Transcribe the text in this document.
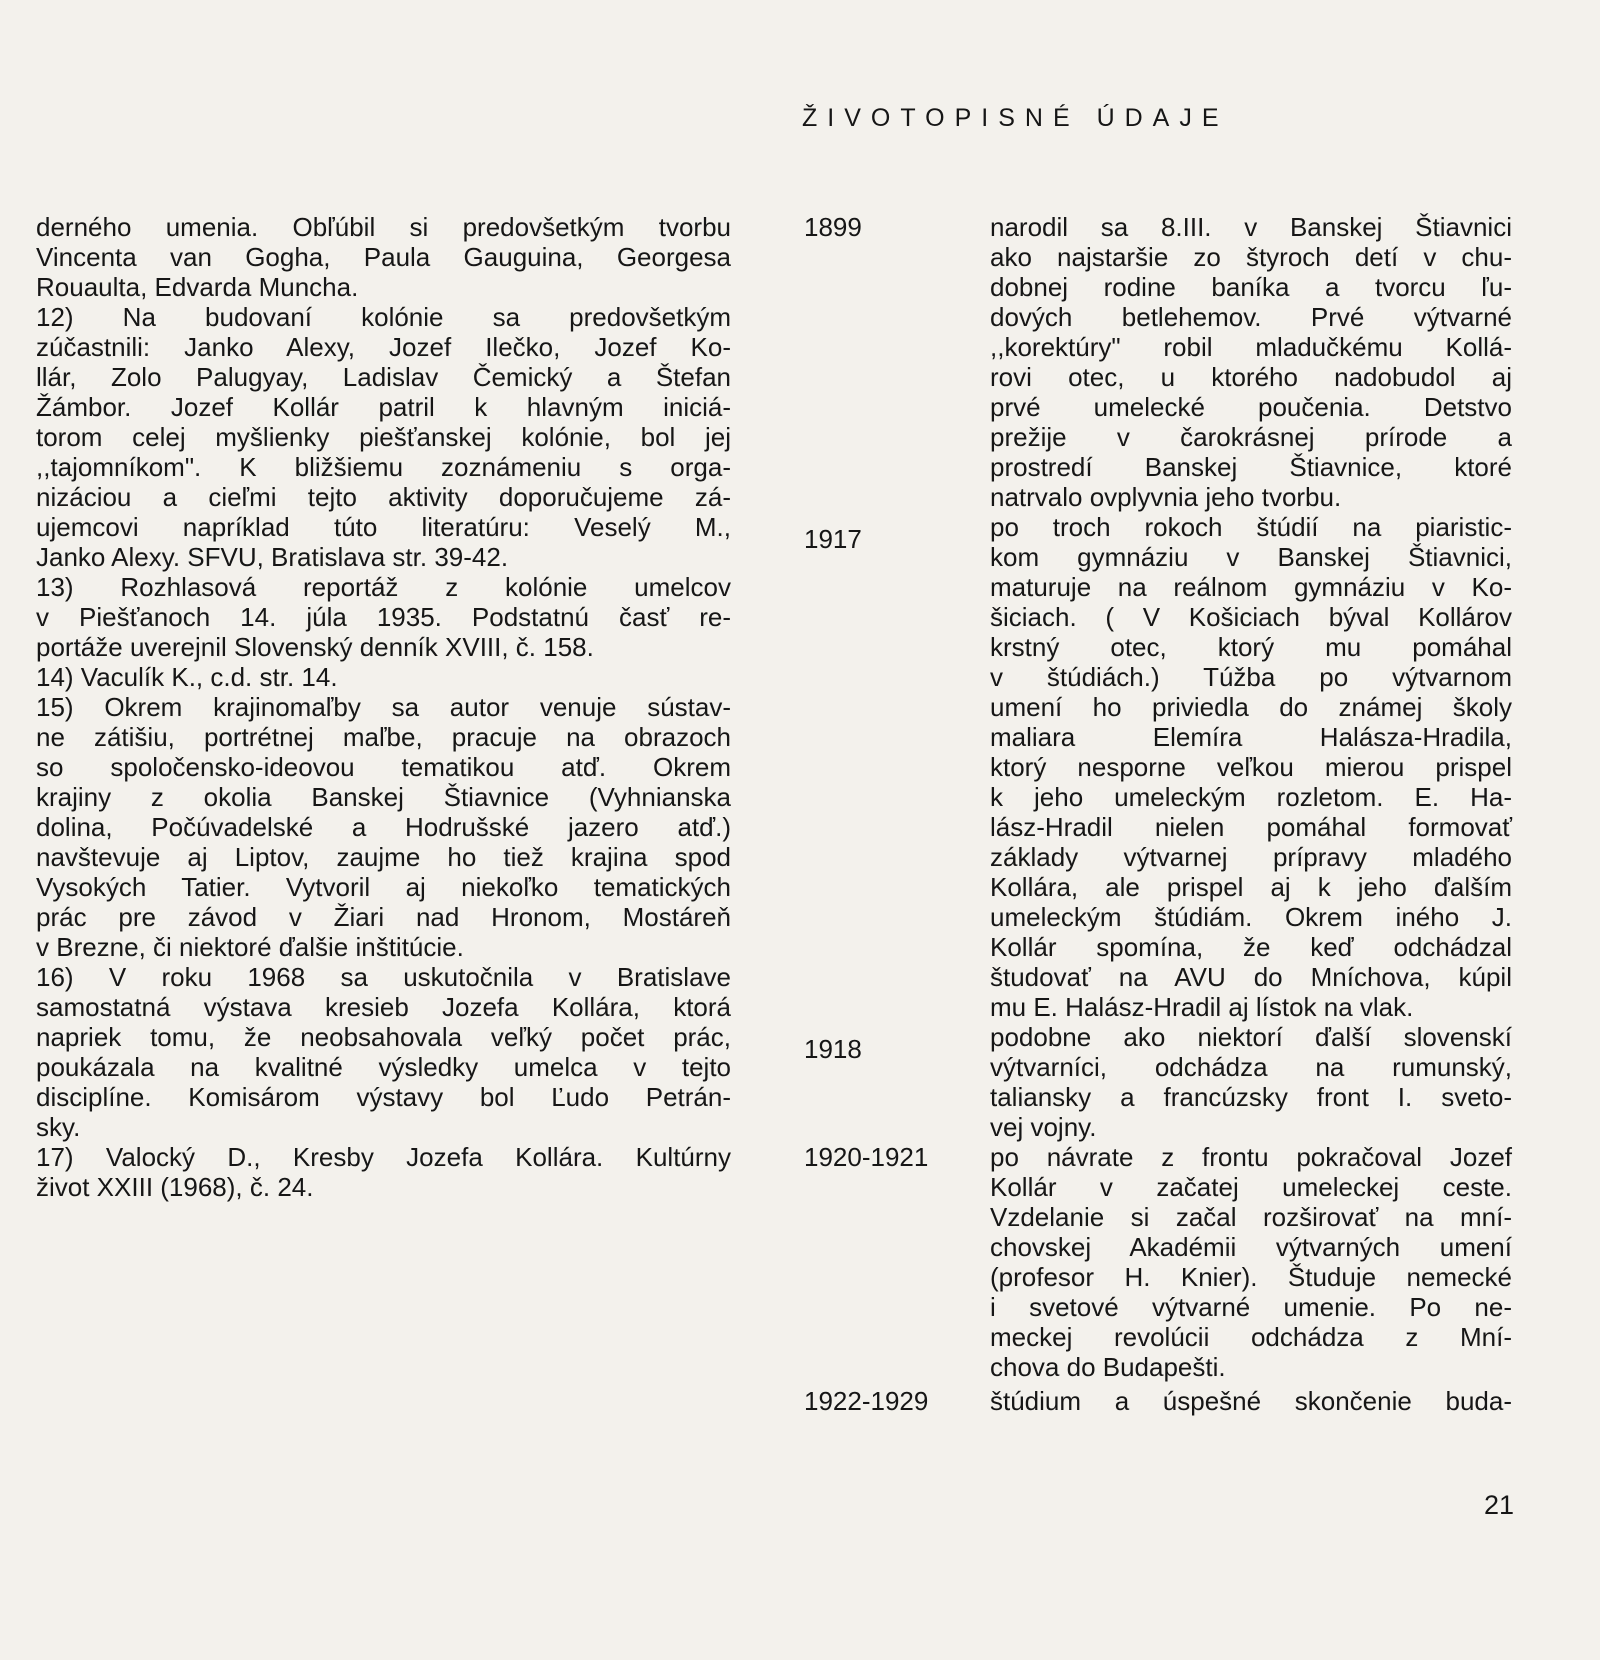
ŽIVOTOPISNÉ ÚDAJE

derného umenia. Obľúbil si predovšetkým tvorbu
Vincenta van Gogha, Paula Gauguina, Georgesa
Rouaulta, Edvarda Muncha.

12) Na budovaní kolónie sa predovšetkým
zúčastnili: Janko Alexy, Jozef Ilečko, Jozef Ko-
llár, Zolo Palugyay, Ladislav Čemický a Štefan
Žámbor. Jozef Kollár patril k hlavným iniciá-
torom celej myšlienky piešťanskej kolónie, bol jej
,,tajomníkom". K bližšiemu zoznámeniu s orga-
nizáciou a cieľmi tejto aktivity doporučujeme zá-
ujemcovi napríklad túto literatúru: Veselý M.,
Janko Alexy. SFVU, Bratislava str. 39-42.

13) Rozhlasová reportáž z kolónie umelcov
v Piešťanoch 14. júla 1935. Podstatnú časť re-
portáže uverejnil Slovenský denník XVIII, č. 158.

14) Vaculík K., c.d. str. 14.

15) Okrem krajinomaľby sa autor venuje sústav-
ne zátišiu, portrétnej maľbe, pracuje na obrazoch
so spoločensko-ideovou tematikou atď. Okrem
krajiny z okolia Banskej Štiavnice (Vyhnianska
dolina, Počúvadelské a Hodrušské jazero atď.)
navštevuje aj Liptov, zaujme ho tiež krajina spod
Vysokých Tatier. Vytvoril aj niekoľko tematických
prác pre závod v Žiari nad Hronom, Mostáreň
v Brezne, či niektoré ďalšie inštitúcie.

16) V roku 1968 sa uskutočnila v Bratislave
samostatná výstava kresieb Jozefa Kollára, ktorá
napriek tomu, že neobsahovala veľký počet prác,
poukázala na kvalitné výsledky umelca v tejto
disciplíne. Komisárom výstavy bol Ľudo Petrán-
sky.

17) Valocký D., Kresby Jozefa Kollára. Kultúrny
život XXIII (1968), č. 24.

1899	narodil sa 8.III. v Banskej Štiavnici
ako najstaršie zo štyroch detí v chu-
dobnej rodine baníka a tvorcu ľu-
dových betlehemov. Prvé výtvarné
,,korektúry" robil mladučkému Kollá-
rovi otec, u ktorého nadobudol aj
prvé umelecké poučenia. Detstvo
prežije v čarokrásnej prírode a
prostredí Banskej Štiavnice, ktoré
natrvalo ovplyvnia jeho tvorbu.
1917	po troch rokoch štúdií na piaristic-
kom gymnáziu v Banskej Štiavnici,
maturuje na reálnom gymnáziu v Ko-
šiciach. ( V Košiciach býval Kollárov
krstný otec, ktorý mu pomáhal
v štúdiách.) Túžba po výtvarnom
umení ho priviedla do známej školy
maliara Elemíra Halásza-Hradila,
ktorý nesporne veľkou mierou prispel
k jeho umeleckým rozletom. E. Ha-
lász-Hradil nielen pomáhal formovať
základy výtvarnej prípravy mladého
Kollára, ale prispel aj k jeho ďalším
umeleckým štúdiám. Okrem iného J.
Kollár spomína, že keď odchádzal
študovať na AVU do Mníchova, kúpil
mu E. Halász-Hradil aj lístok na vlak.
1918	podobne ako niektorí ďalší slovenskí
výtvarníci, odchádza na rumunský,
taliansky a francúzsky front I. sveto-
vej vojny.
1920-1921 po návrate z frontu pokračoval Jozef
Kollár v začatej umeleckej ceste.
Vzdelanie si začal rozširovať na mní-
chovskej Akadémii výtvarných umení
(profesor H. Knier). Študuje nemecké
i svetové výtvarné umenie. Po ne-
meckej revolúcii odchádza z Mní-
chova do Budapešti.
1922-1929 štúdium a úspešné skončenie buda-
21
